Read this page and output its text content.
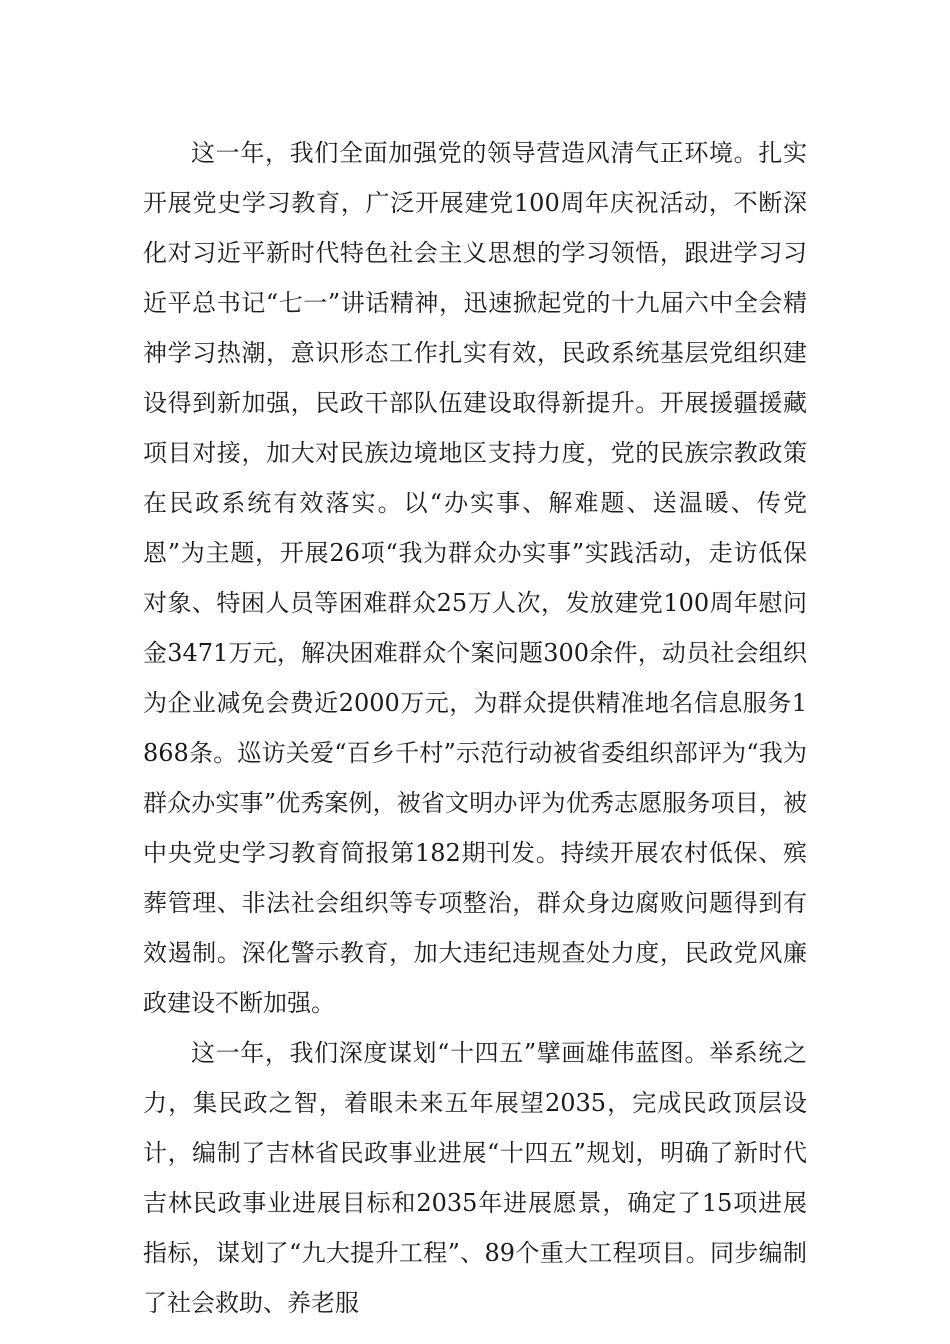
这一年，我们全面加强党的领导营造风清气正环境。扎实开展党史学习教育，广泛开展建党100周年庆祝活动，不断深化对习近平新时代特色社会主义思想的学习领悟，跟进学习习近平总书记“七一”讲话精神，迅速掀起党的十九届六中全会精神学习热潮，意识形态工作扎实有效，民政系统基层党组织建设得到新加强，民政干部队伍建设取得新提升。开展援疆援藏项目对接，加大对民族边境地区支持力度，党的民族宗教政策在民政系统有效落实。以“办实事、解难题、送温暖、传党恩”为主题，开展26项“我为群众办实事”实践活动，走访低保对象、特困人员等困难群众25万人次，发放建党100周年慰问金3471万元，解决困难群众个案问题300余件，动员社会组织为企业减免会费近2000万元，为群众提供精准地名信息服务1868条。巡访关爱“百乡千村”示范行动被省委组织部评为“我为群众办实事”优秀案例，被省文明办评为优秀志愿服务项目，被中央党史学习教育简报第182期刊发。持续开展农村低保、殡葬管理、非法社会组织等专项整治，群众身边腐败问题得到有效遏制。深化警示教育，加大违纪违规查处力度，民政党风廉政建设不断加强。

这一年，我们深度谋划“十四五”擘画雄伟蓝图。举系统之力，集民政之智，着眼未来五年展望2035，完成民政顶层设计，编制了吉林省民政事业进展“十四五”规划，明确了新时代吉林民政事业进展目标和2035年进展愿景，确定了15项进展指标，谋划了“九大提升工程”、89个重大工程项目。同步编制了社会救助、养老服
